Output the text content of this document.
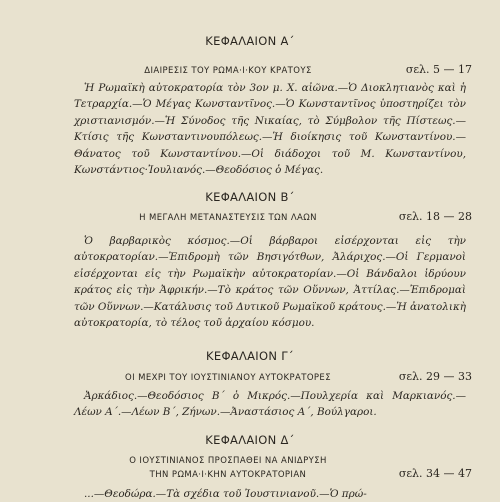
ΚΕΦΑΛΑΙΟΝ Α΄
ΔΙΑΙΡΕΣΙΣ ΤΟΥ ΡΩΜΑ·Ι·ΚΟΥ ΚΡΑΤΟΥΣ	σελ. 5 — 17

Ἡ Ρωμαϊκὴ αὐτοκρατορία τὸν 3ον μ. Χ. αἰῶνα.—Ὁ Διοκλητιανὸς καὶ ἡ Τετραρχία.—Ὁ Μέγας Κωνσταντῖνος.—Ὁ Κωνσταντῖνος ὑποστηρίζει τὸν χριστιανισμόν.—Ἡ Σύνοδος τῆς Νικαίας, τὸ Σύμβολον τῆς Πίστεως.—Κτίσις τῆς Κωνσταντινουπόλεως.—Ἡ διοίκησις τοῦ Κωνσταντίνου.—Θάνατος τοῦ Κωνσταντίνου.—Οἱ διάδοχοι τοῦ Μ. Κωνσταντίνου, Κωνστάντιος·Ἰουλιανός.—Θεοδόσιος ὁ Μέγας.

ΚΕΦΑΛΑΙΟΝ Β΄
Η ΜΕΓΑΛΗ ΜΕΤΑΝΑΣΤΕΥΣΙΣ ΤΩΝ ΛΑΩΝ	σελ. 18 — 28

Ὁ βαρβαρικὸς κόσμος.—Οἱ βάρβαροι εἰσέρχονται εἰς τὴν αὐτοκρατορίαν.—Ἐπιδρομὴ τῶν Βησιγότθων, Ἀλάριχος.—Οἱ Γερμανοὶ εἰσέρχονται εἰς τὴν Ρωμαϊκὴν αὐτοκρατορίαν.—Οἱ Βάνδαλοι ἱδρύουν κράτος εἰς τὴν Ἀφρικήν.—Τὸ κράτος τῶν Οὕννων, Ἀττίλας.—Ἐπιδρομαὶ τῶν Οὕννων.—Κατάλυσις τοῦ Δυτικοῦ Ρωμαϊκοῦ κράτους.—Ἡ ἀνατολικὴ αὐτοκρατορία, τὸ τέλος τοῦ ἀρχαίου κόσμου.

ΚΕΦΑΛΑΙΟΝ Γ΄
ΟΙ ΜΕΧΡΙ ΤΟΥ ΙΟΥΣΤΙΝΙΑΝΟΥ ΑΥΤΟΚΡΑΤΟΡΕΣ	σελ. 29 — 33

Ἀρκάδιος.—Θεοδόσιος Β΄ ὁ Μικρός.—Πουλχερία καὶ Μαρκιανός.—Λέων Α΄.—Λέων Β΄, Ζήνων.—Ἀναστάσιος Α΄, Βούλγαροι.

ΚΕΦΑΛΑΙΟΝ Δ΄
Ο ΙΟΥΣΤΙΝΙΑΝΟΣ ΠΡΟΣΠΑΘΕΙ ΝΑ ΑΝΙΔΡΥΣΗ
ΤΗΝ ΡΩΜΑ·Ι·ΚΗΝ ΑΥΤΟΚΡΑΤΟΡΙΑΝ	σελ. 34 — 47

...—Θεοδώρα.—Τὰ σχέδια τοῦ Ἰουστινιανοῦ.—Ὁ πρώ-
